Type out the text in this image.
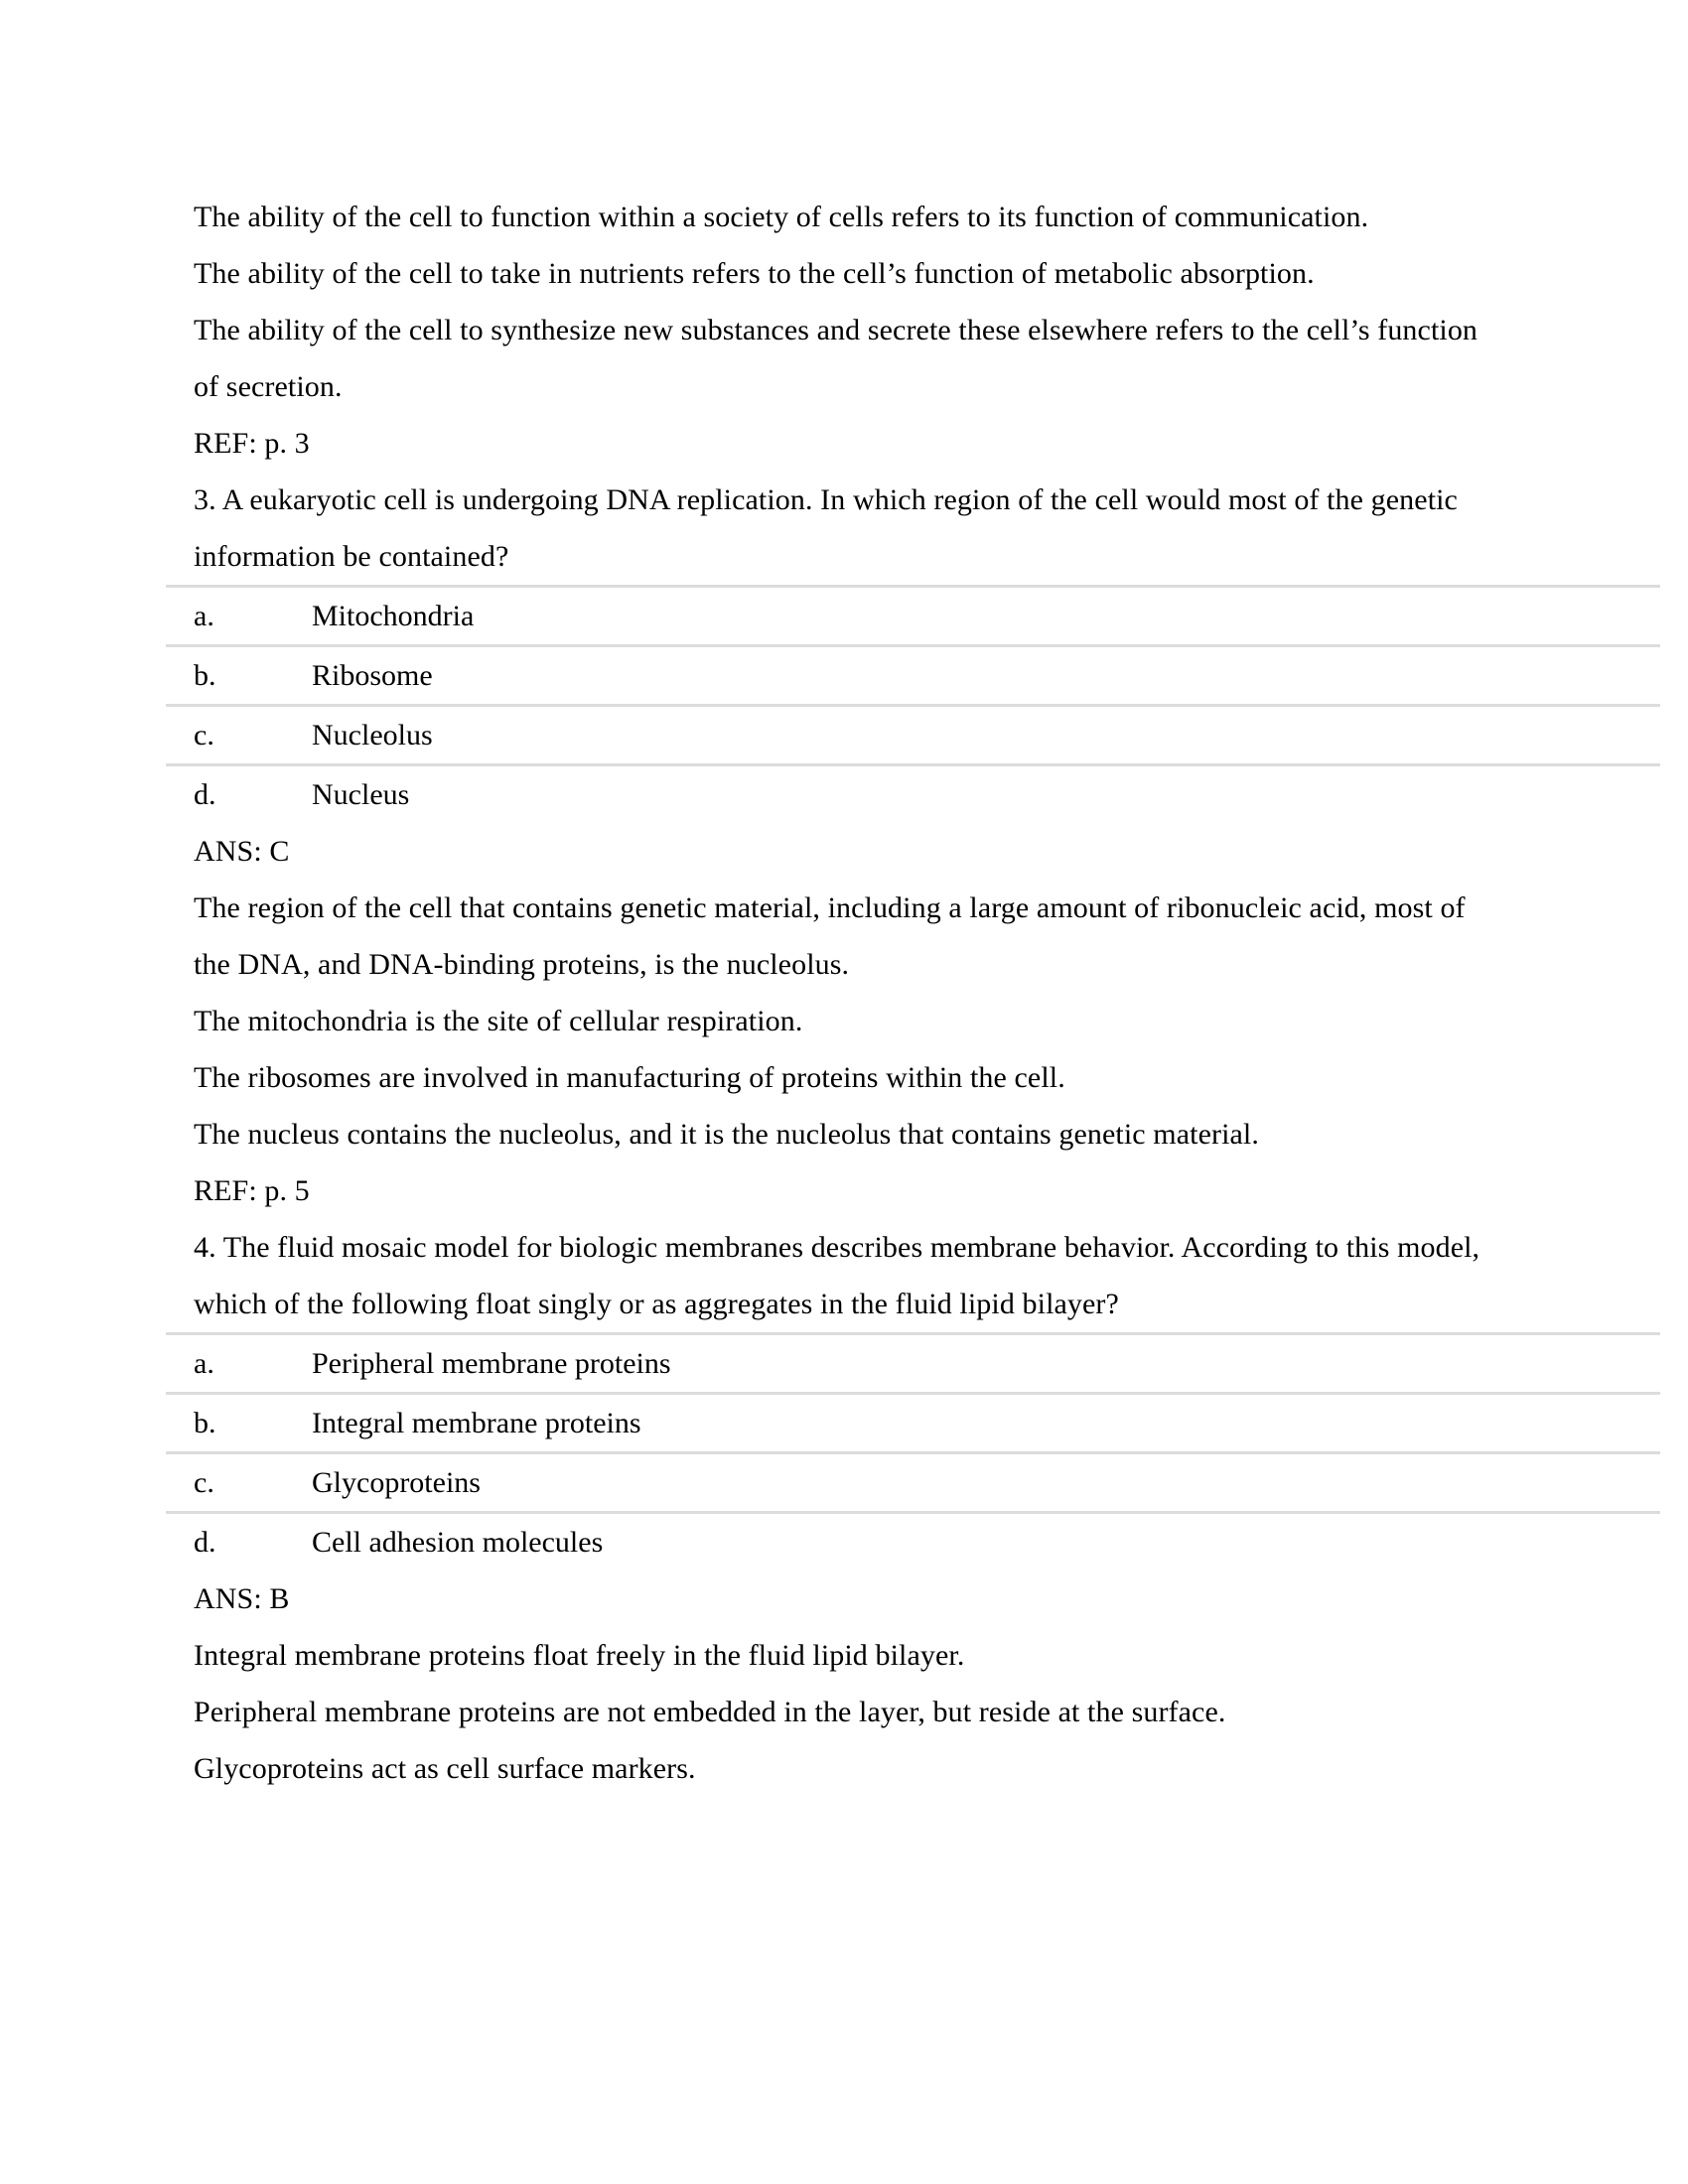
The ability of the cell to function within a society of cells refers to its function of communication.

The ability of the cell to take in nutrients refers to the cell’s function of metabolic absorption.

The ability of the cell to synthesize new substances and secrete these elsewhere refers to the cell’s function of secretion.

REF: p. 3

3. A eukaryotic cell is undergoing DNA replication. In which region of the cell would most of the genetic information be contained?

a.	Mitochondria
b.	Ribosome
c.	Nucleolus
d.	Nucleus

ANS: C

The region of the cell that contains genetic material, including a large amount of ribonucleic acid, most of the DNA, and DNA-binding proteins, is the nucleolus.

The mitochondria is the site of cellular respiration.

The ribosomes are involved in manufacturing of proteins within the cell.

The nucleus contains the nucleolus, and it is the nucleolus that contains genetic material.

REF: p. 5

4. The fluid mosaic model for biologic membranes describes membrane behavior. According to this model, which of the following float singly or as aggregates in the fluid lipid bilayer?

a.	Peripheral membrane proteins
b.	Integral membrane proteins
c.	Glycoproteins
d.	Cell adhesion molecules

ANS: B

Integral membrane proteins float freely in the fluid lipid bilayer.

Peripheral membrane proteins are not embedded in the layer, but reside at the surface.

Glycoproteins act as cell surface markers.
